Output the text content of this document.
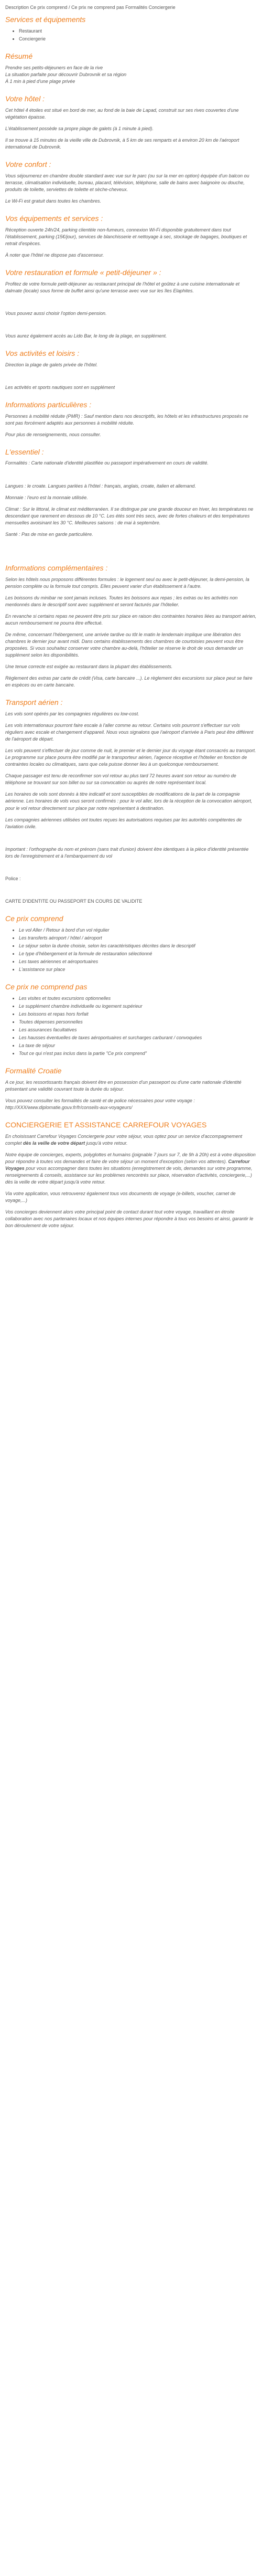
Description Ce prix comprend / Ce prix ne comprend pas Formalités Conciergerie

Services et équipements
• Restaurant
• Conciergerie
Résumé

Prendre ses petits-déjeuners en face de la rive
La situation parfaite pour découvrir Dubrovnik et sa région
À 1 min à pied d'une plage privée

Votre hôtel :

Cet hôtel 4 étoiles est situé en bord de mer, au fond de la baie de Lapad, construit sur ses rives couvertes d'une végétation épaisse.

L'établissement possède sa propre plage de galets (à 1 minute à pied).

Il se trouve à 15 minutes de la vieille ville de Dubrovnik, à 5 km de ses remparts et à environ 20 km de l'aéroport international de Dubrovnik.

Votre confort :

Vous séjournerez en chambre double standard avec vue sur le parc (ou sur la mer en option) équipée d'un balcon ou terrasse, climatisation individuelle, bureau, placard, télévision, téléphone, salle de bains avec baignoire ou douche, produits de toilette, serviettes de toilette et sèche-cheveux.

Le Wi-Fi est gratuit dans toutes les chambres.

Vos équipements et services :

Réception ouverte 24h/24, parking clientèle non-fumeurs, connexion Wi-Fi disponible gratuitement dans tout l'établissement, parking (15€/jour), services de blanchisserie et nettoyage à sec, stockage de bagages, boutiques et retrait d'espèces.

À noter que l'hôtel ne dispose pas d'ascenseur.

Votre restauration et formule « petit-déjeuner » :

Profitez de votre formule petit-déjeuner au restaurant principal de l'hôtel et goûtez à une cuisine internationale et dalmate (locale) sous forme de buffet ainsi qu'une terrasse avec vue sur les îles Elaphites.

Vous pouvez aussi choisir l'option demi-pension.

Vous aurez également accès au Lido Bar, le long de la plage, en supplément.

Vos activités et loisirs :

Direction la plage de galets privée de l'hôtel.

Les activités et sports nautiques sont en supplément

Informations particulières :

Personnes à mobilité réduite (PMR) : Sauf mention dans nos descriptifs, les hôtels et les infrastructures proposés ne sont pas forcément adaptés aux personnes à mobilité réduite.

Pour plus de renseignements, nous consulter.

L'essentiel :

Formalités : Carte nationale d'identité plastifiée ou passeport impérativement en cours de validité.

Langues : le croate. Langues parlées à l'hôtel : français, anglais, croate, italien et allemand.

Monnaie : l'euro est la monnaie utilisée.

Climat : Sur le littoral, le climat est méditerranéen. Il se distingue par une grande douceur en hiver, les températures ne descendant que rarement en dessous de 10 °C. Les étés sont très secs, avec de fortes chaleurs et des températures mensuelles avoisinant les 30 °C. Meilleures saisons : de mai à septembre.

Santé : Pas de mise en garde particulière.

Informations complémentaires :

Selon les hôtels nous proposons différentes formules : le logement seul ou avec le petit-déjeuner, la demi-pension, la pension complète ou la formule tout compris. Elles peuvent varier d'un établissement à l'autre.

Les boissons du minibar ne sont jamais incluses. Toutes les boissons aux repas ; les extras ou les activités non mentionnés dans le descriptif sont avec supplément et seront facturés par l'hôtelier.

En revanche si certains repas ne peuvent être pris sur place en raison des contraintes horaires liées au transport aérien, aucun remboursement ne pourra être effectué.

De même, concernant l'hébergement, une arrivée tardive ou tôt le matin le lendemain implique une libération des chambres le dernier jour avant midi. Dans certains établissements des chambres de courtoisies peuvent vous être proposées. Si vous souhaitez conserver votre chambre au-delà, l'hôtelier se réserve le droit de vous demander un supplément selon les disponibilités.

Une tenue correcte est exigée au restaurant dans la plupart des établissements.

Règlement des extras par carte de crédit (Visa, carte bancaire ...). Le règlement des excursions sur place peut se faire en espèces ou en carte bancaire.

Transport aérien :

Les vols sont opérés par les compagnies régulières ou low-cost.

Les vols internationaux pourront faire escale à l'aller comme au retour. Certains vols pourront s'effectuer sur vols réguliers avec escale et changement d'appareil. Nous vous signalons que l'aéroport d'arrivée à Paris peut être différent de l'aéroport de départ.

Les vols peuvent s'effectuer de jour comme de nuit, le premier et le dernier jour du voyage étant consacrés au transport. Le programme sur place pourra être modifié par le transporteur aérien, l'agence réceptive et l'hôtelier en fonction de contraintes locales ou climatiques, sans que cela puisse donner lieu à un quelconque remboursement.

Chaque passager est tenu de reconfirmer son vol retour au plus tard 72 heures avant son retour au numéro de téléphone se trouvant sur son billet ou sur sa convocation ou auprès de notre représentant local.

Les horaires de vols sont donnés à titre indicatif et sont susceptibles de modifications de la part de la compagnie aérienne. Les horaires de vols vous seront confirmés : pour le vol aller, lors de la réception de la convocation aéroport, pour le vol retour directement sur place par notre représentant à destination.

Les compagnies aériennes utilisées ont toutes reçues les autorisations requises par les autorités compétentes de l'aviation civile.

Important : l'orthographe du nom et prénom (sans trait d'union) doivent être identiques à la pièce d'identité présentée lors de l'enregistrement et à l'embarquement du vol

Police :

CARTE D'IDENTITE OU PASSEPORT EN COURS DE VALIDITE

Ce prix comprend
• Le vol Aller / Retour à bord d'un vol régulier
• Les transferts aéroport / hôtel / aéroport
• Le séjour selon la durée choisie, selon les caractéristiques décrites dans le descriptif
• Le type d'hébergement et la formule de restauration sélectionné
• Les taxes aériennes et aéroportuaires
• L'assistance sur place
Ce prix ne comprend pas
• Les visites et toutes excursions optionnelles
• Le supplément chambre individuelle ou logement supérieur
• Les boissons et repas hors forfait
• Toutes dépenses personnelles
• Les assurances facultatives
• Les hausses éventuelles de taxes aéroportuaires et surcharges carburant / convoquées
• La taxe de séjour
• Tout ce qui n'est pas inclus dans la partie "Ce prix comprend"
Formalité Croatie

A ce jour, les ressortissants français doivent être en possession d'un passeport ou d'une carte nationale d'identité présentant une validité couvrant toute la durée du séjour.

Vous pouvez consulter les formalités de santé et de police nécessaires pour votre voyage : http://XXX/www.diplomatie.gouv.fr/fr/conseils-aux-voyageurs/

CONCIERGERIE ET ASSISTANCE CARREFOUR VOYAGES

En choisissant Carrefour Voyages Conciergerie pour votre séjour, vous optez pour un service d'accompagnement complet dès la veille de votre départ jusqu'à votre retour.

Notre équipe de concierges, experts, polyglottes et humains (joignable 7 jours sur 7, de 9h à 20h) est à votre disposition pour répondre à toutes vos demandes et faire de votre séjour un moment d'exception (selon vos attentes). Carrefour Voyages pour vous accompagner dans toutes les situations (enregistrement de vols, demandes sur votre programme, renseignements & conseils, assistance sur les problèmes rencontrés sur place, réservation d'activités, conciergerie,...) dès la veille de votre départ jusqu'à votre retour.

Via votre application, vous retrouverez également tous vos documents de voyage (e-billets, voucher, carnet de voyage,...)

Vos concierges deviennent alors votre principal point de contact durant tout votre voyage, travaillant en étroite collaboration avec nos partenaires locaux et nos équipes internes pour répondre à tous vos besoins et ainsi, garantir le bon déroulement de votre séjour.
